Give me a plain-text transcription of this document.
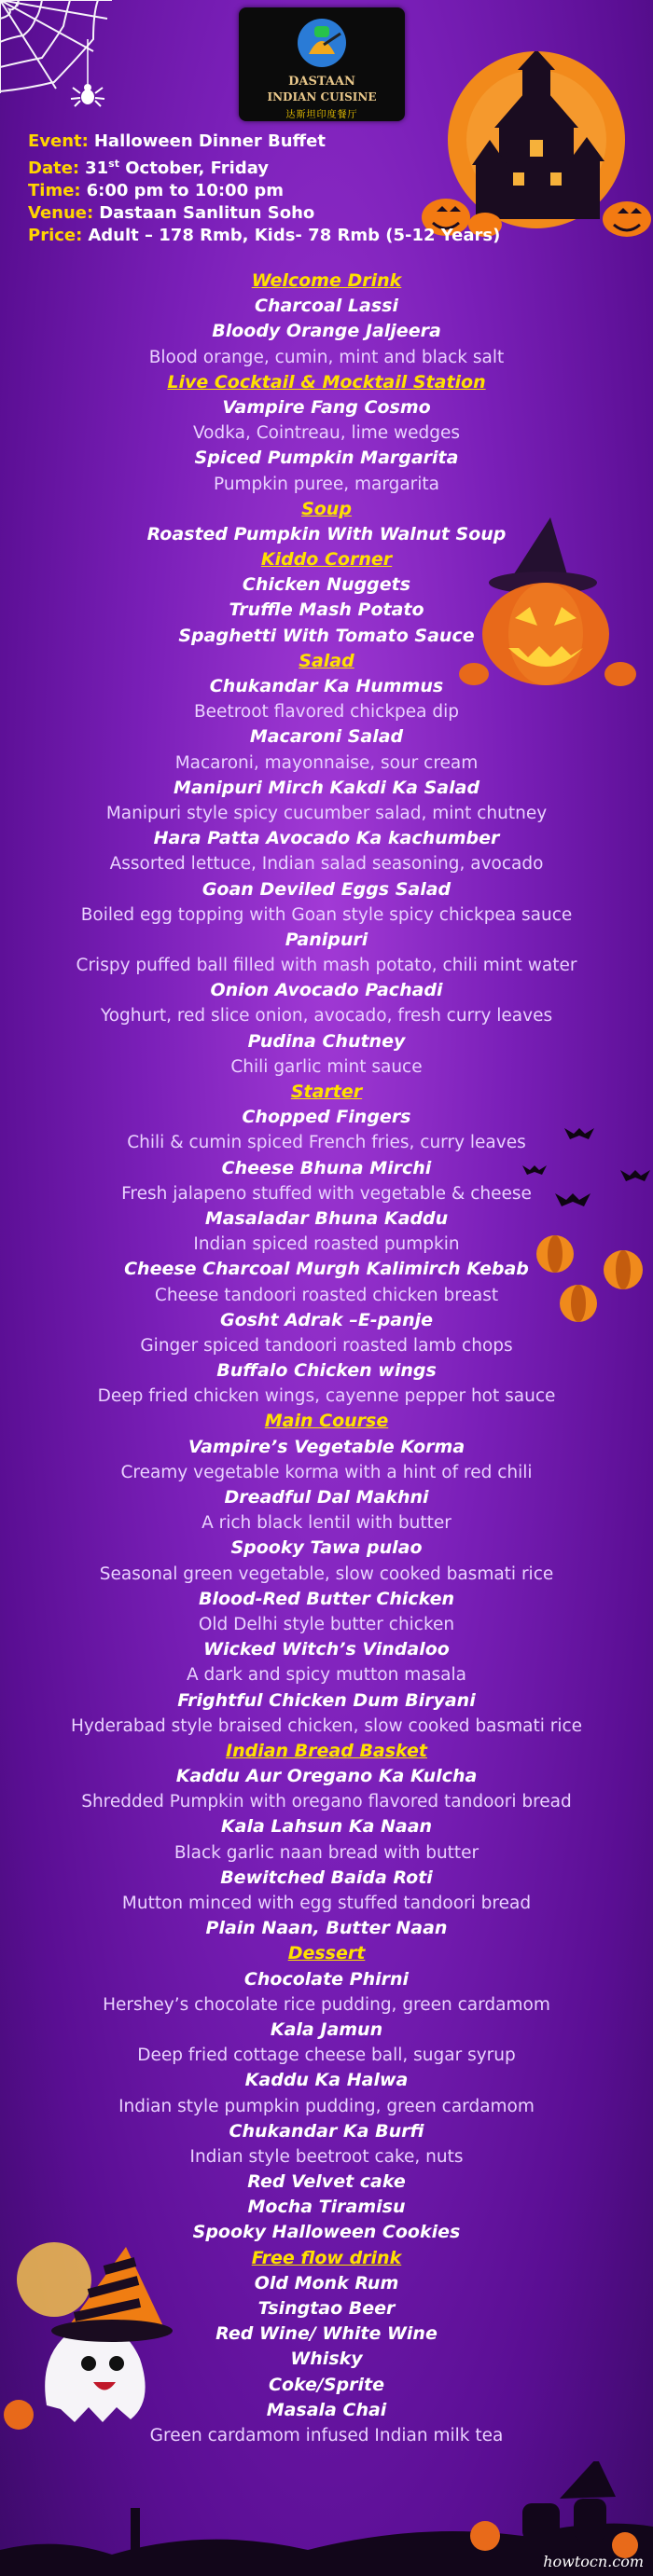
DASTAAN
INDIAN CUISINE
达斯坦印度餐厅
Event: Halloween Dinner Buffet
Date: 31st October, Friday
Time: 6:00 pm to 10:00 pm
Venue: Dastaan Sanlitun Soho
Price: Adult – 178 Rmb, Kids- 78 Rmb (5-12 Years)
Welcome Drink
Charcoal Lassi
Bloody Orange Jaljeera
Blood orange, cumin, mint and black salt
Live Cocktail & Mocktail Station
Vampire Fang Cosmo
Vodka, Cointreau, lime wedges
Spiced Pumpkin Margarita
Pumpkin puree, margarita
Soup
Roasted Pumpkin With Walnut Soup
Kiddo Corner
Chicken Nuggets
Truffle Mash Potato
Spaghetti With Tomato Sauce
Salad
Chukandar Ka Hummus
Beetroot flavored chickpea dip
Macaroni Salad
Macaroni, mayonnaise, sour cream
Manipuri Mirch Kakdi Ka Salad
Manipuri style spicy cucumber salad, mint chutney
Hara Patta Avocado Ka kachumber
Assorted lettuce, Indian salad seasoning, avocado
Goan Deviled Eggs Salad
Boiled egg topping with Goan style spicy chickpea sauce
Panipuri
Crispy puffed ball filled with mash potato, chili mint water
Onion Avocado Pachadi
Yoghurt, red slice onion, avocado, fresh curry leaves
Pudina Chutney
Chili garlic mint sauce
Starter
Chopped Fingers
Chili & cumin spiced French fries, curry leaves
Cheese Bhuna Mirchi
Fresh jalapeno stuffed with vegetable & cheese
Masaladar Bhuna Kaddu
Indian spiced roasted pumpkin
Cheese Charcoal Murgh Kalimirch Kebab
Cheese tandoori roasted chicken breast
Gosht Adrak –E-panje
Ginger spiced tandoori roasted lamb chops
Buffalo Chicken wings
Deep fried chicken wings, cayenne pepper hot sauce
Main Course
Vampire’s Vegetable Korma
Creamy vegetable korma with a hint of red chili
Dreadful Dal Makhni
A rich black lentil with butter
Spooky Tawa pulao
Seasonal green vegetable, slow cooked basmati rice
Blood-Red Butter Chicken
Old Delhi style butter chicken
Wicked Witch’s Vindaloo
A dark and spicy mutton masala
Frightful Chicken Dum Biryani
Hyderabad style braised chicken, slow cooked basmati rice
Indian Bread Basket
Kaddu Aur Oregano Ka Kulcha
Shredded Pumpkin with oregano flavored tandoori bread
Kala Lahsun Ka Naan
Black garlic naan bread with butter
Bewitched Baida Roti
Mutton minced with egg stuffed tandoori bread
Plain Naan, Butter Naan
Dessert
Chocolate Phirni
Hershey’s chocolate rice pudding, green cardamom
Kala Jamun
Deep fried cottage cheese ball, sugar syrup
Kaddu Ka Halwa
Indian style pumpkin pudding, green cardamom
Chukandar Ka Burfi
Indian style beetroot cake, nuts
Red Velvet cake
Mocha Tiramisu
Spooky Halloween Cookies
Free flow drink
Old Monk Rum
Tsingtao Beer
Red Wine/ White Wine
Whisky
Coke/Sprite
Masala Chai
Green cardamom infused Indian milk tea
howtocn.com
